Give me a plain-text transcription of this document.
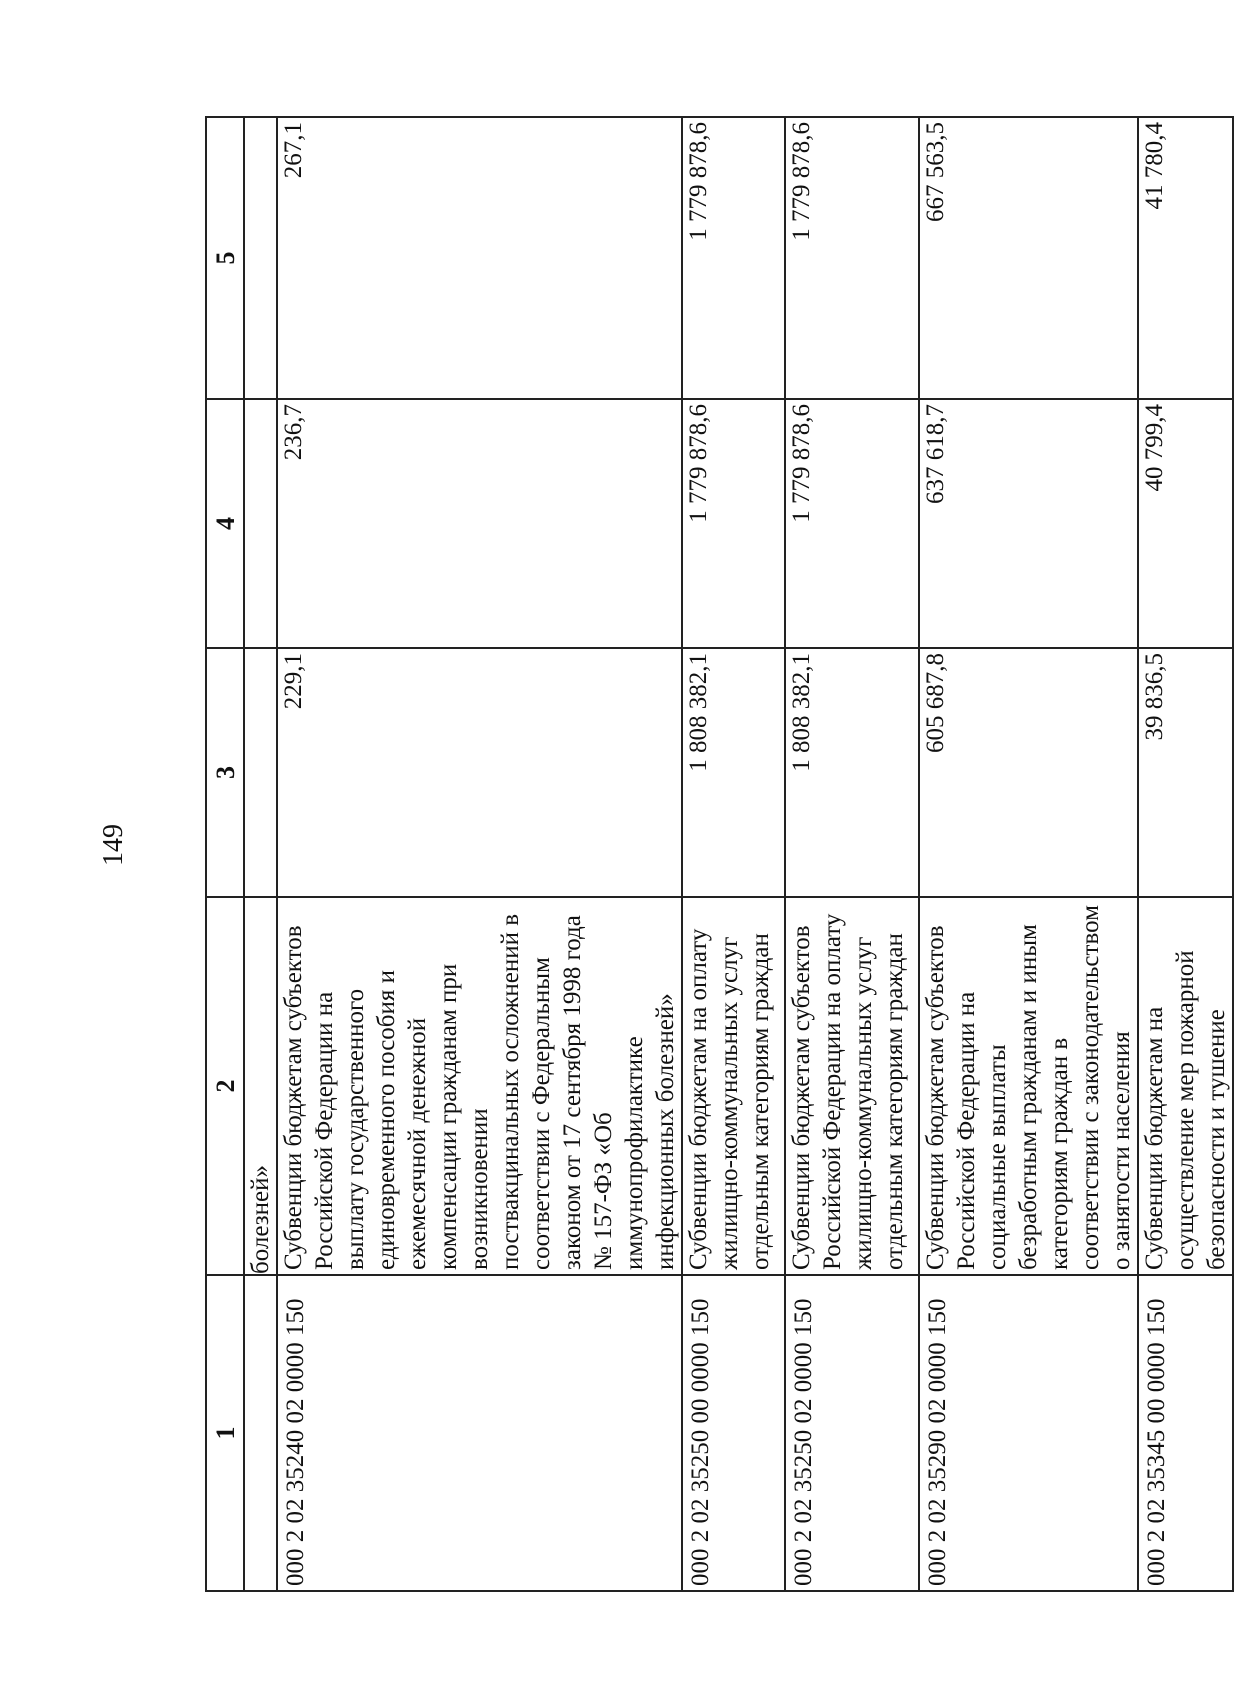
149
1	2	3	4	5
	болезней»			
000 2 02 35240 02 0000 150	Субвенции бюджетам субъектов Российской Федерации на выплату государственного единовременного пособия и ежемесячной денежной компенсации гражданам при возникновении поствакцинальных осложнений в соответствии с Федеральным законом от 17 сентября 1998 года № 157-ФЗ «Об иммунопрофилактике инфекционных болезней»	229,1	236,7	267,1
000 2 02 35250 00 0000 150	Субвенции бюджетам на оплату жилищно-коммунальных услуг отдельным категориям граждан	1 808 382,1	1 779 878,6	1 779 878,6
000 2 02 35250 02 0000 150	Субвенции бюджетам субъектов Российской Федерации на оплату жилищно-коммунальных услуг отдельным категориям граждан	1 808 382,1	1 779 878,6	1 779 878,6
000 2 02 35290 02 0000 150	Субвенции бюджетам субъектов Российской Федерации на социальные выплаты безработным гражданам и иным категориям граждан в соответствии с законодательством о занятости населения	605 687,8	637 618,7	667 563,5
000 2 02 35345 00 0000 150	Субвенции бюджетам на осуществление мер пожарной безопасности и тушение	39 836,5	40 799,4	41 780,4
